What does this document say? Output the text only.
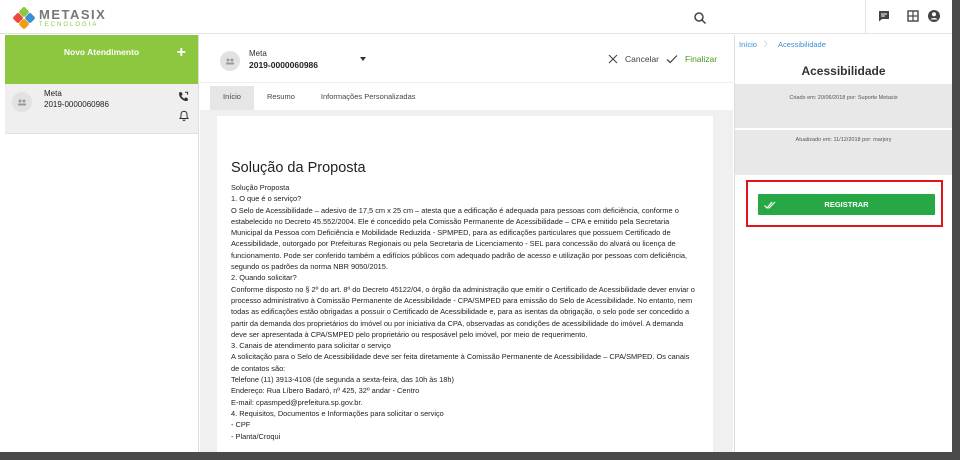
METASIX
TECNOLOGIA
Novo Atendimento +
Meta
2019-0000060986
Meta
2019-0000060986
Cancelar	Finalizar
Início	Resumo	Informações Personalizadas
Solução da Proposta

Solução Proposta

1. O que é o serviço?

O Selo de Acessibilidade – adesivo de 17,5 cm x 25 cm – atesta que a edificação é adequada para pessoas com deficiência, conforme o estabelecido no Decreto 45.552/2004. Ele é concedido pela Comissão Permanente de Acessibilidade – CPA e emitido pela Secretaria Municipal da Pessoa com Deficiência e Mobilidade Reduzida - SPMPED, para as edificações particulares que possuem Certificado de Acessibilidade, outorgado por Prefeituras Regionais ou pela Secretaria de Licenciamento - SEL para concessão do alvará ou licença de funcionamento. Pode ser conferido também a edifícios públicos com adequado padrão de acesso e utilização por pessoas com deficiência, segundo os padrões da norma NBR 9050/2015.

2. Quando solicitar?

Conforme disposto no § 2º do art. 8º do Decreto 45122/04, o órgão da administração que emitir o Certificado de Acessibilidade dever enviar o processo administrativo à Comissão Permanente de Acessibilidade - CPA/SMPED para emissão do Selo de Acessibilidade. No entanto, nem todas as edificações estão obrigadas a possuir o Certificado de Acessibilidade e, para as isentas da obrigação, o selo pode ser concedido a partir da demanda dos proprietários do imóvel ou por iniciativa da CPA, observadas as condições de acessibilidade do imóvel. A demanda deve ser apresentada à CPA/SMPED pelo proprietário ou resposável pelo imóvel, por meio de requerimento.

3. Canais de atendimento para solicitar o serviço

A solicitação para o Selo de Acessibilidade deve ser feita diretamente à Comissão Permanente de Acessibilidade – CPA/SMPED. Os canais de contatos são:

Telefone (11) 3913-4108 (de segunda a sexta-feira, das 10h às 18h)

Endereço: Rua Líbero Badaró, nº 425, 32º andar - Centro

E-mail: cpasmped@prefeitura.sp.gov.br.

4. Requisitos, Documentos e Informações para solicitar o serviço

- CPF

- Planta/Croqui

Início 〉 Acessibilidade
Acessibilidade
Criado em: 20/06/2018 por: Suporte Metasix
Atualizado em: 11/12/2018 por: marjory
REGISTRAR
